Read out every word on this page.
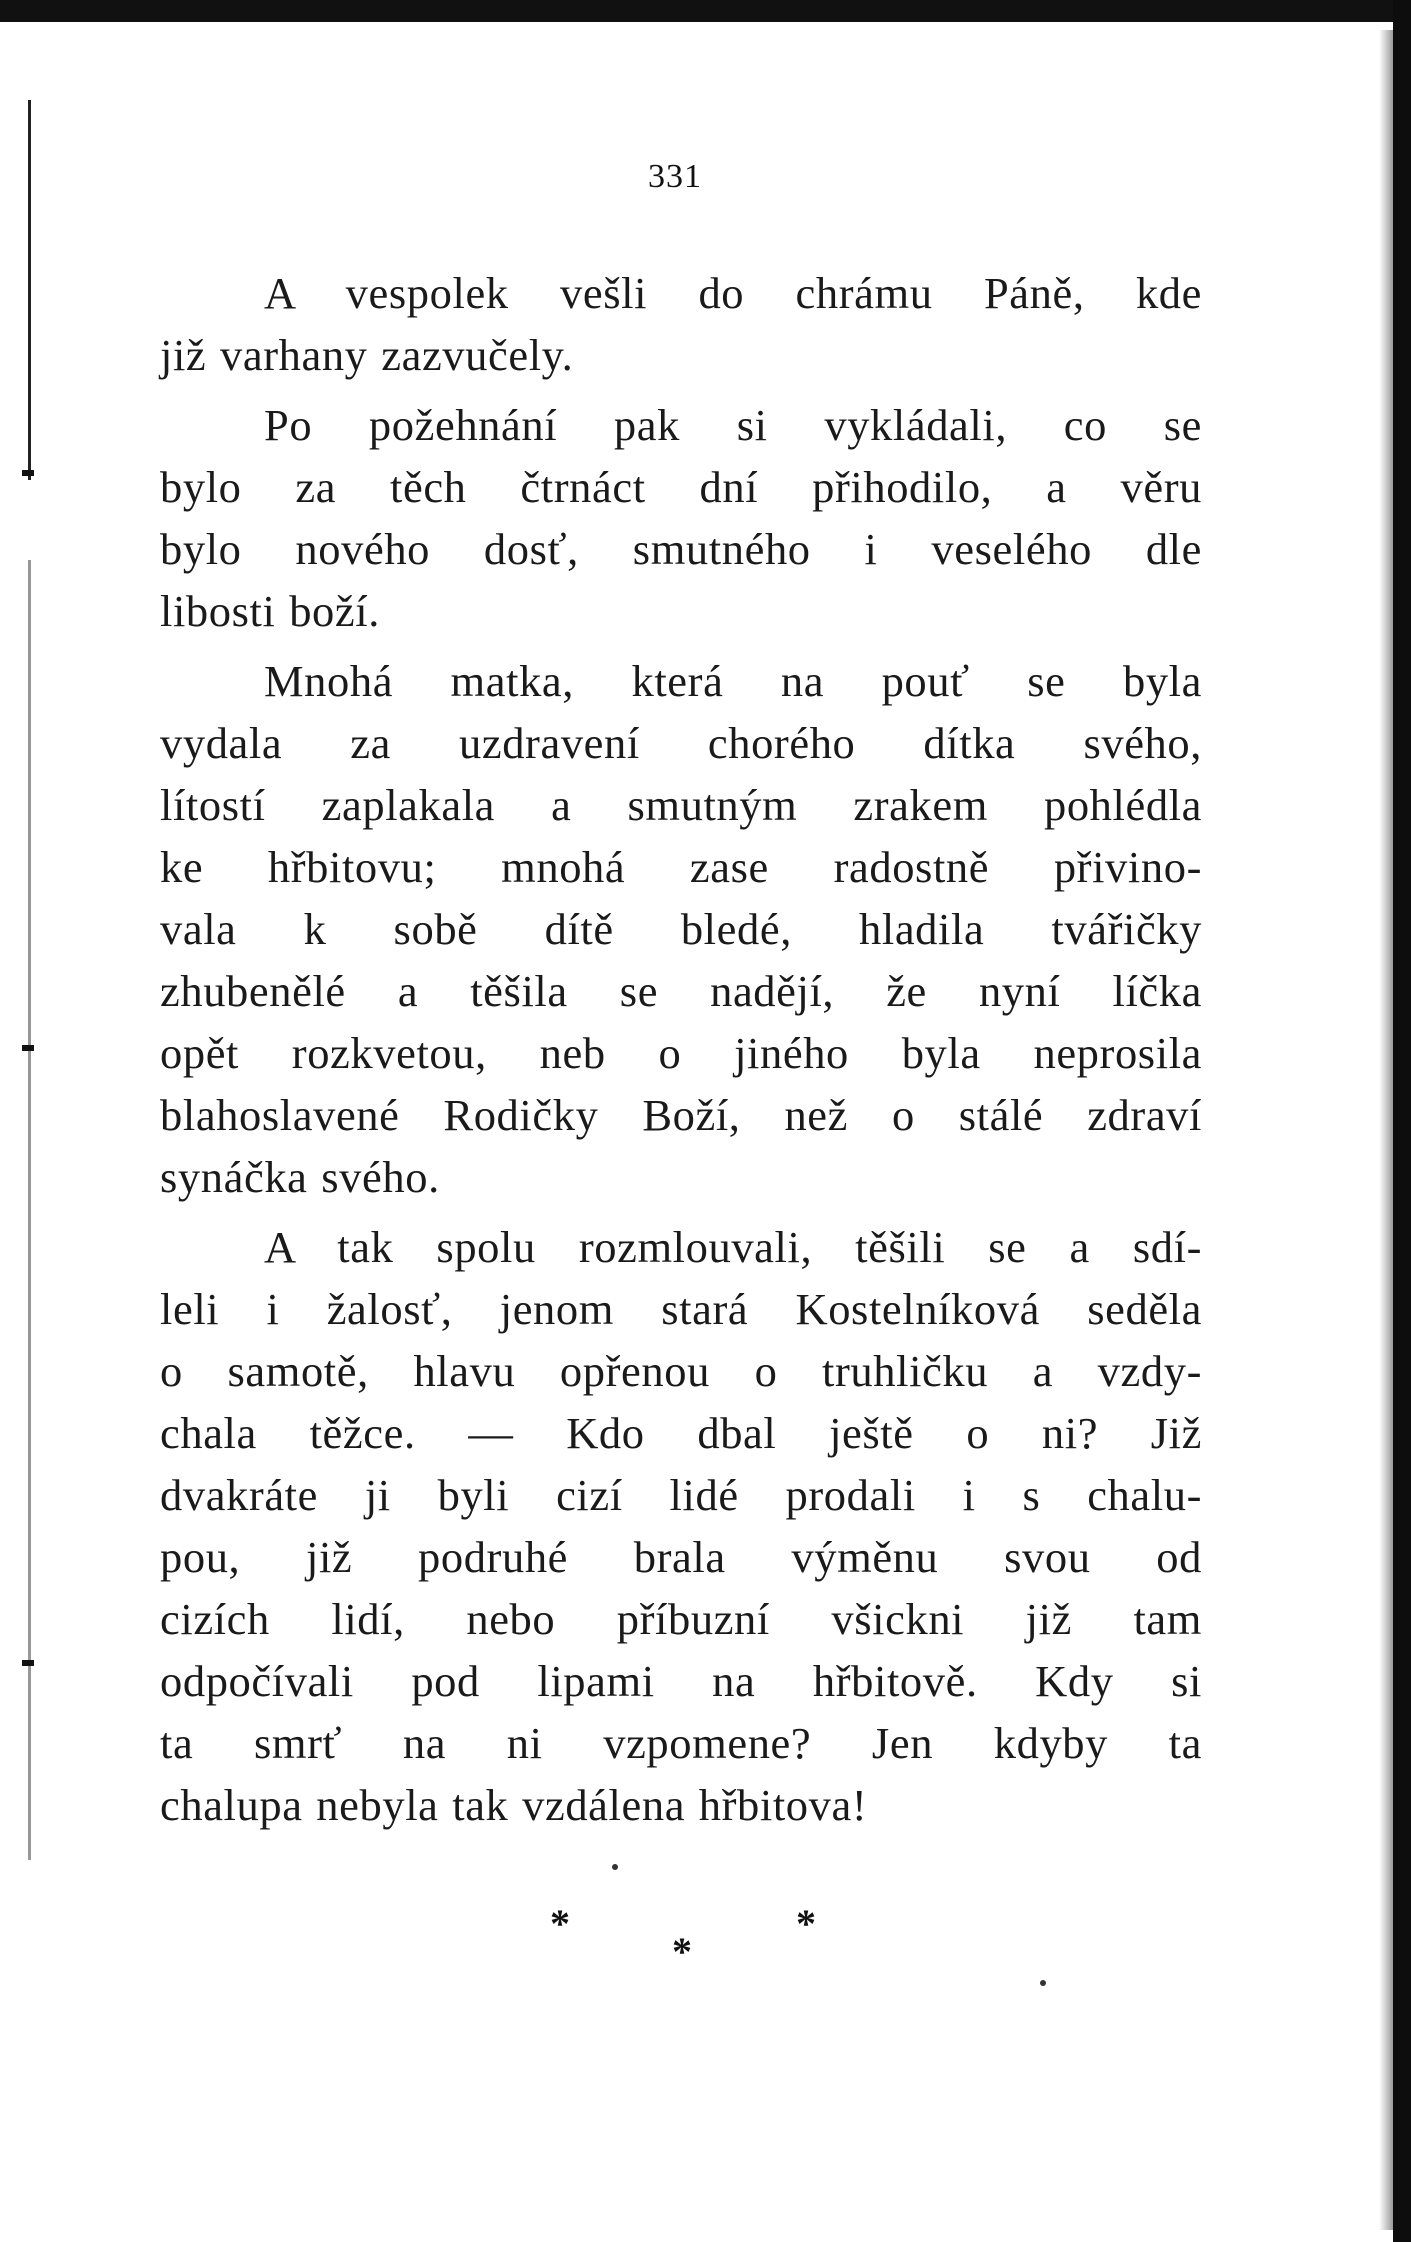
331
A vespolek vešli do chrámu Páně, kde
již varhany zazvučely.
Po požehnání pak si vykládali, co se
bylo za těch čtrnáct dní přihodilo, a věru
bylo nového dosť, smutného i veselého dle
libosti boží.
Mnohá matka, která na pouť se byla
vydala za uzdravení chorého dítka svého,
lítostí zaplakala a smutným zrakem pohlédla
ke hřbitovu; mnohá zase radostně přivino-
vala k sobě dítě bledé, hladila tvářičky
zhubenělé a těšila se nadějí, že nyní líčka
opět rozkvetou, neb o jiného byla neprosila
blahoslavené Rodičky Boží, než o stálé zdraví
synáčka svého.
A tak spolu rozmlouvali, těšili se a sdí-
leli i žalosť, jenom stará Kostelníková seděla
o samotě, hlavu opřenou o truhličku a vzdy-
chala těžce. — Kdo dbal ještě o ni? Již
dvakráte ji byli cizí lidé prodali i s chalu-
pou, již podruhé brala výměnu svou od
cizích lidí, nebo příbuzní všickni již tam
odpočívali pod lipami na hřbitově. Kdy si
ta smrť na ni vzpomene? Jen kdyby ta
chalupa nebyla tak vzdálena hřbitova!
*
*
*
